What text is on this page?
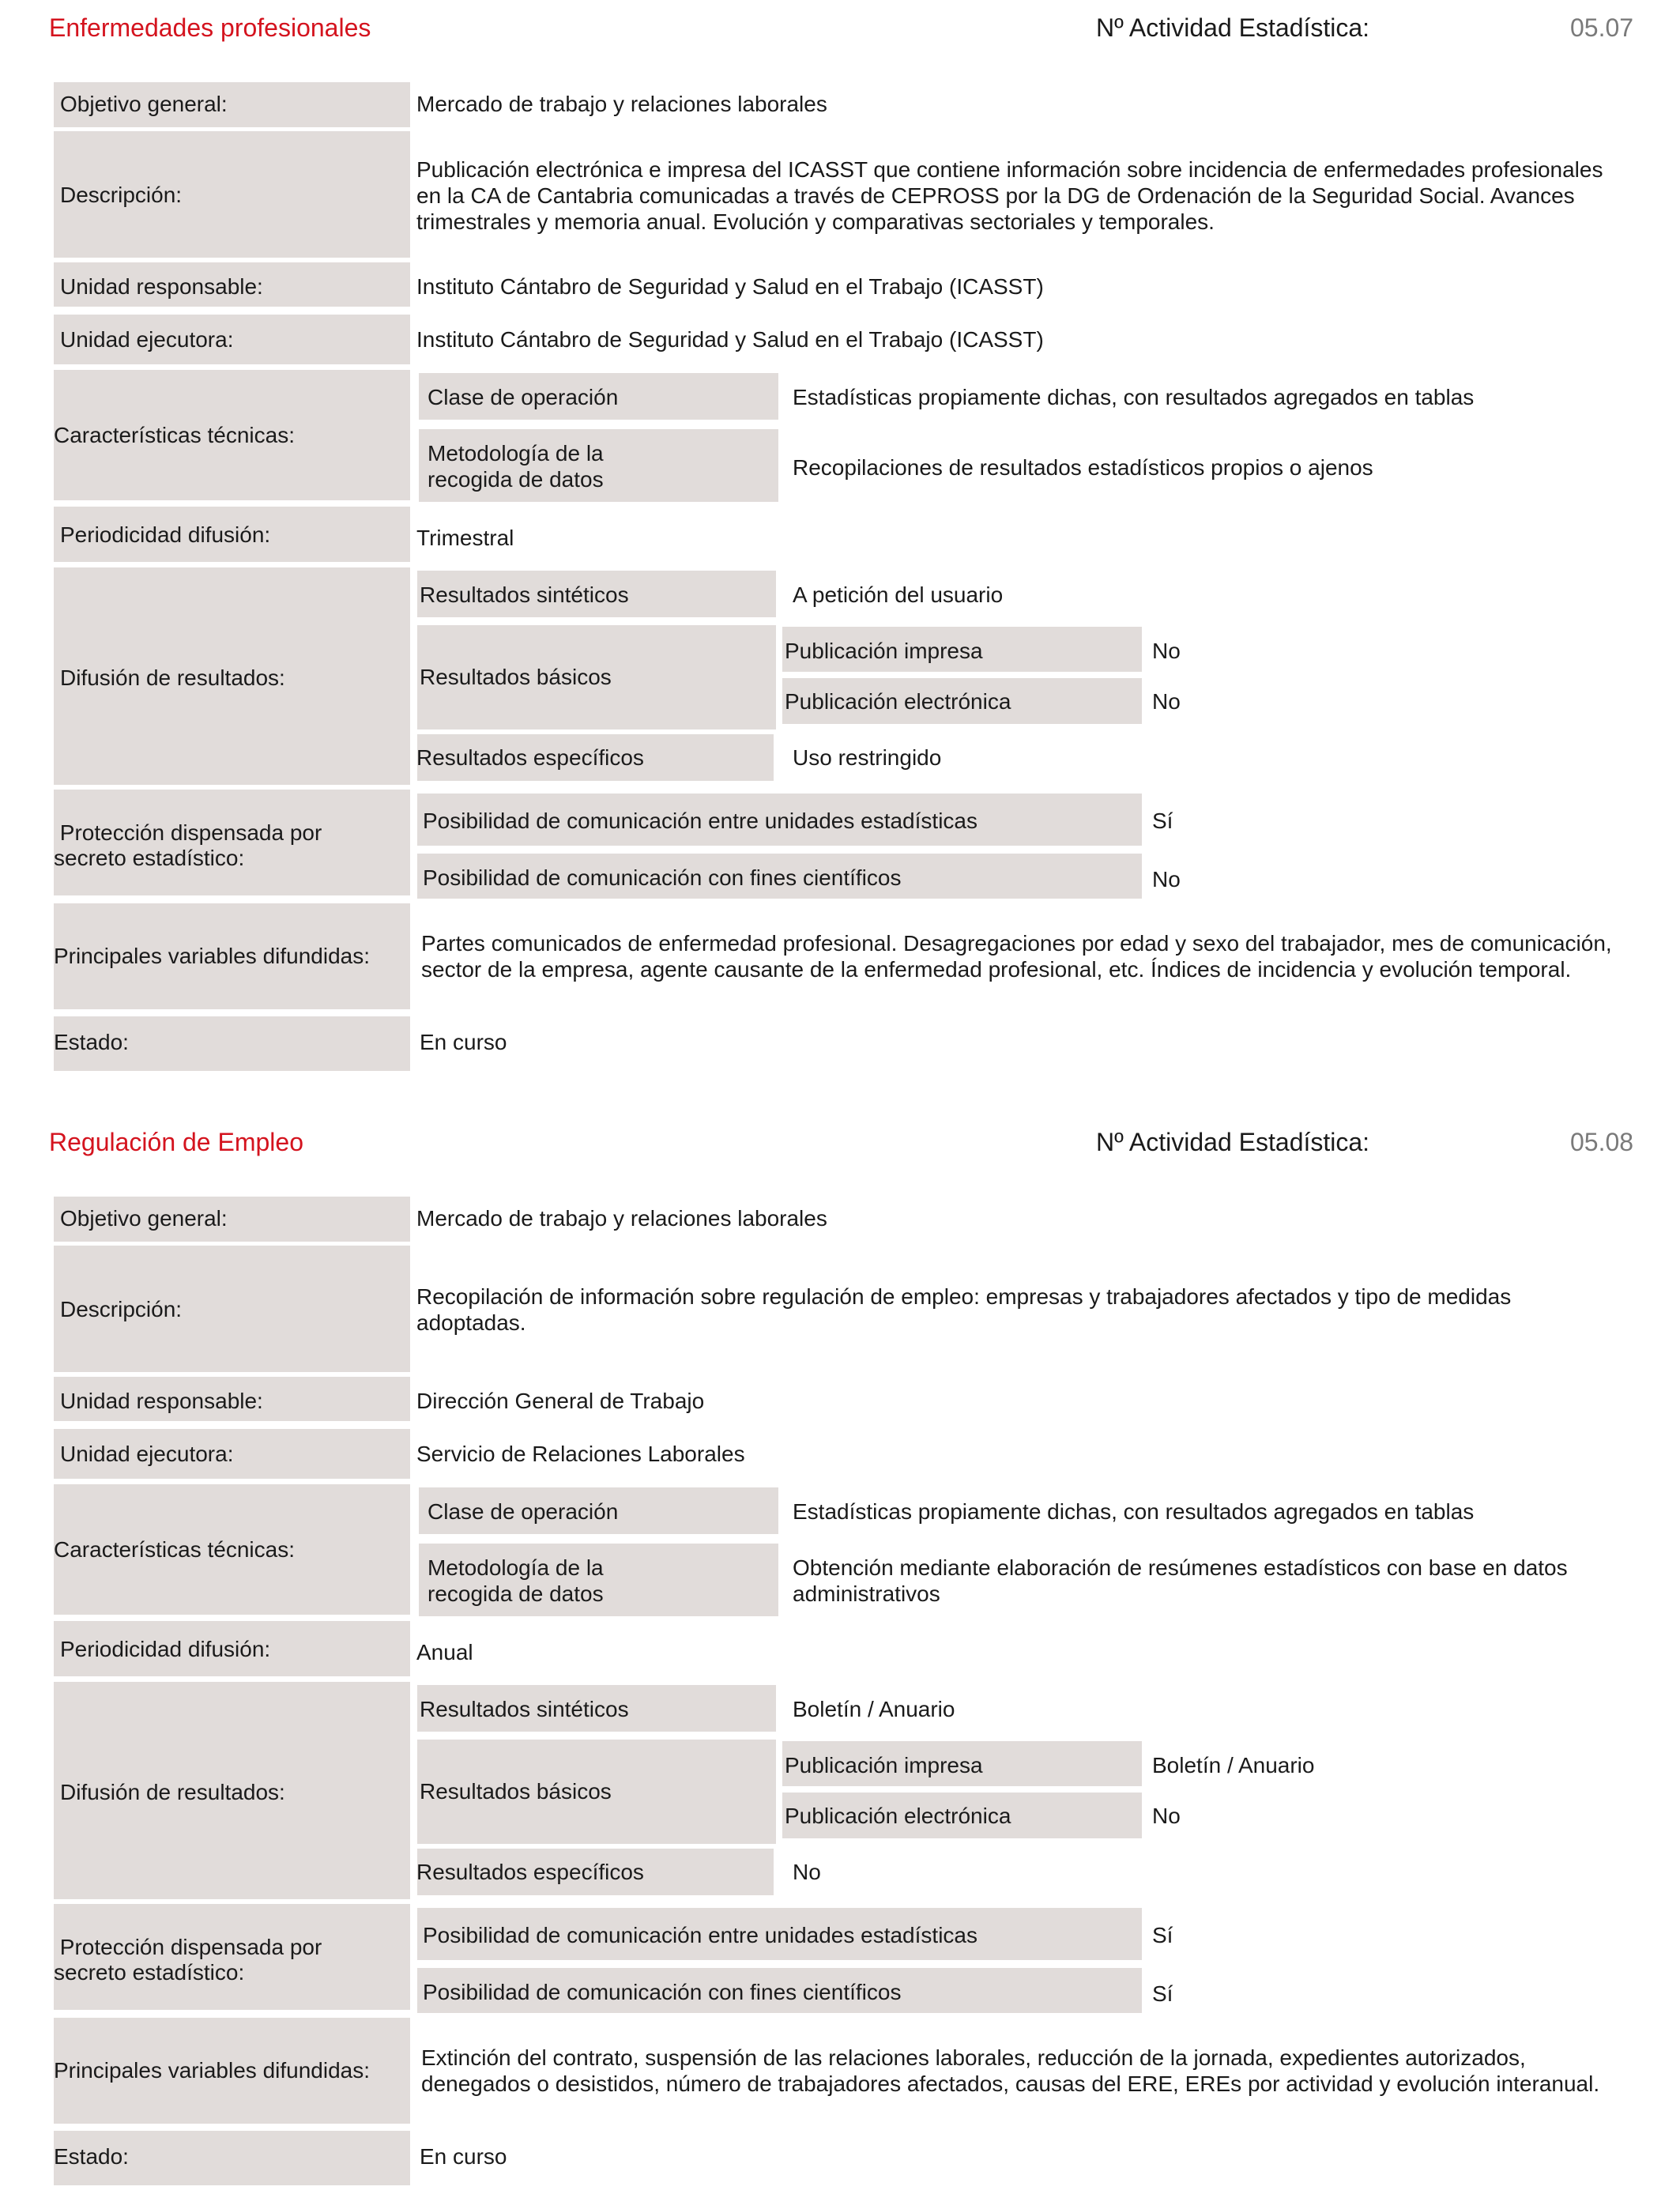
Enfermedades profesionales	Nº Actividad Estadística:	05.07
Objetivo general:	Mercado de trabajo y relaciones laborales
Descripción:
Publicación electrónica e impresa del ICASST que contiene información sobre incidencia de enfermedades profesionales
en la CA de Cantabria comunicadas a través de CEPROSS por la DG de Ordenación de la Seguridad Social. Avances
trimestrales y memoria anual. Evolución y comparativas sectoriales y temporales.
Unidad responsable:	Instituto Cántabro de Seguridad y Salud en el Trabajo (ICASST)
Unidad ejecutora:	Instituto Cántabro de Seguridad y Salud en el Trabajo (ICASST)
Características técnicas:
Clase de operación	Estadísticas propiamente dichas, con resultados agregados en tablas
Metodología de la
recogida de datos	Recopilaciones de resultados estadísticos propios o ajenos
Periodicidad difusión:	Trimestral
Difusión de resultados:
Resultados sintéticos	A petición del usuario
Resultados básicos
Publicación impresa	No
Publicación electrónica	No
Resultados específicos	Uso restringido
Protección dispensada por
secreto estadístico:
Posibilidad de comunicación entre unidades estadísticas	Sí
Posibilidad de comunicación con fines científicos	No
Principales variables difundidas:
Partes comunicados de enfermedad profesional. Desagregaciones por edad y sexo del trabajador, mes de comunicación,
sector de la empresa, agente causante de la enfermedad profesional, etc. Índices de incidencia y evolución temporal.
Estado:	En curso
Regulación de Empleo	Nº Actividad Estadística:	05.08
Objetivo general:	Mercado de trabajo y relaciones laborales
Descripción:
Recopilación de información sobre regulación de empleo: empresas y trabajadores afectados y tipo de medidas
adoptadas.
Unidad responsable:	Dirección General de Trabajo
Unidad ejecutora:	Servicio de Relaciones Laborales
Características técnicas:
Clase de operación	Estadísticas propiamente dichas, con resultados agregados en tablas
Metodología de la
recogida de datos
Obtención mediante elaboración de resúmenes estadísticos con base en datos
administrativos
Periodicidad difusión:	Anual
Difusión de resultados:
Resultados sintéticos	Boletín / Anuario
Resultados básicos
Publicación impresa	Boletín / Anuario
Publicación electrónica	No
Resultados específicos	No
Protección dispensada por
secreto estadístico:
Posibilidad de comunicación entre unidades estadísticas	Sí
Posibilidad de comunicación con fines científicos	Sí
Principales variables difundidas:
Extinción del contrato, suspensión de las relaciones laborales, reducción de la jornada, expedientes autorizados,
denegados o desistidos, número de trabajadores afectados, causas del ERE, EREs por actividad y evolución interanual.
Estado:	En curso
